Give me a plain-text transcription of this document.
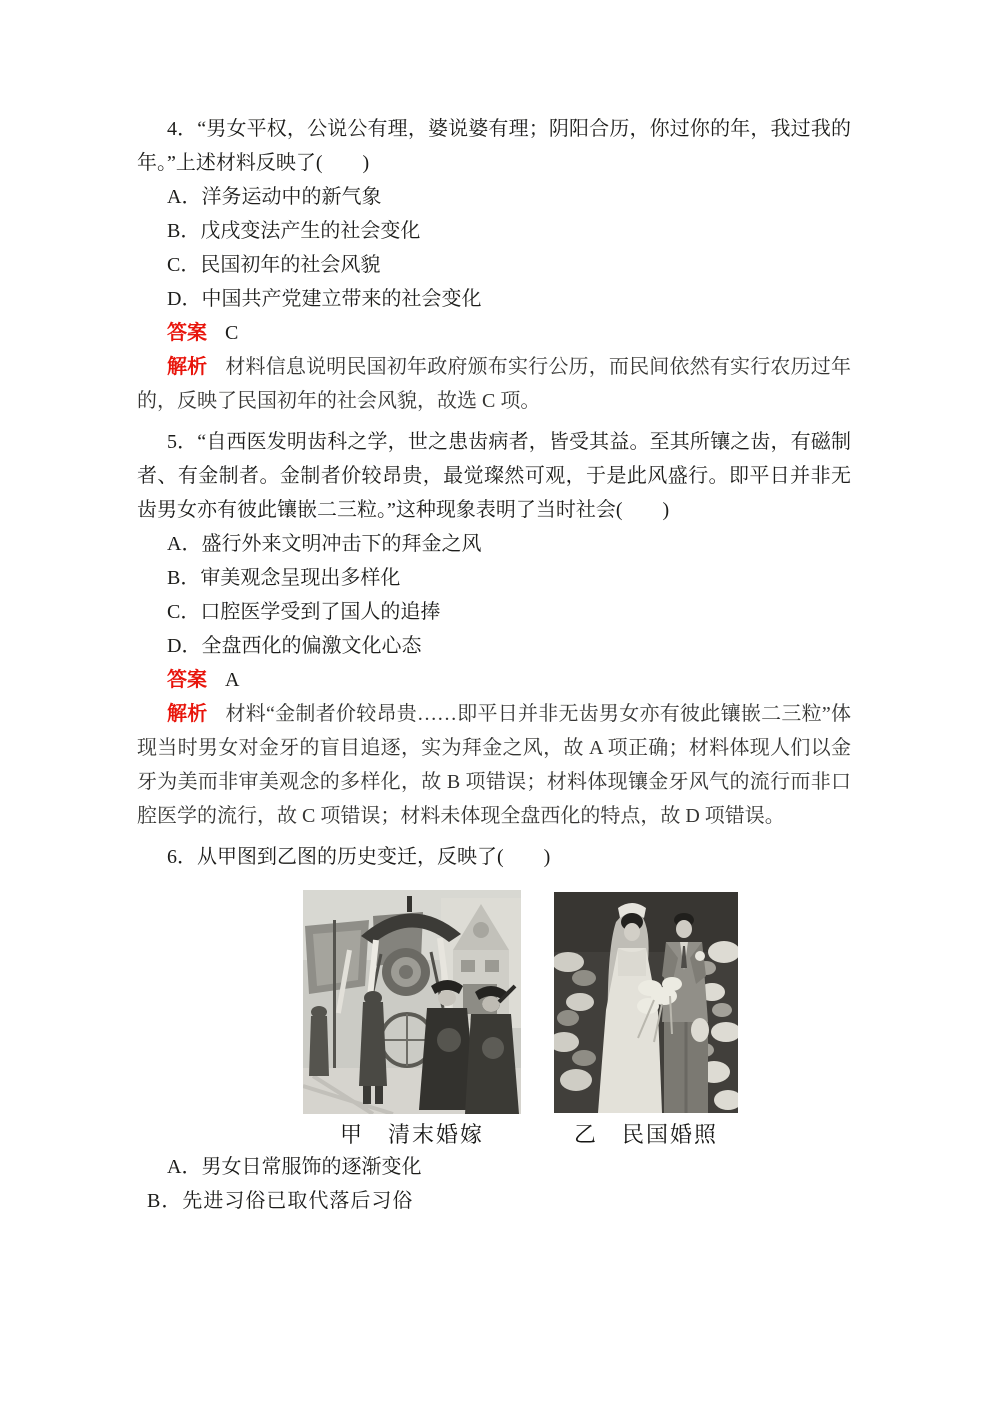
4．“男女平权，公说公有理，婆说婆有理；阴阳合历，你过你的年，我过我的年。”上述材料反映了(　　)

A．洋务运动中的新气象

B．戊戌变法产生的社会变化

C．民国初年的社会风貌

D．中国共产党建立带来的社会变化

答案 C

解析 材料信息说明民国初年政府颁布实行公历，而民间依然有实行农历过年的，反映了民国初年的社会风貌，故选 C 项。

5．“自西医发明齿科之学，世之患齿病者，皆受其益。至其所镶之齿，有磁制者、有金制者。金制者价较昂贵，最觉璨然可观，于是此风盛行。即平日并非无齿男女亦有彼此镶嵌二三粒。”这种现象表明了当时社会(　　)

A．盛行外来文明冲击下的拜金之风

B．审美观念呈现出多样化

C．口腔医学受到了国人的追捧

D．全盘西化的偏激文化心态

答案 A

解析 材料“金制者价较昂贵……即平日并非无齿男女亦有彼此镶嵌二三粒”体现当时男女对金牙的盲目追逐，实为拜金之风，故 A 项正确；材料体现人们以金牙为美而非审美观念的多样化，故 B 项错误；材料体现镶金牙风气的流行而非口腔医学的流行，故 C 项错误；材料未体现全盘西化的特点，故 D 项错误。

6．从甲图到乙图的历史变迁，反映了(　　)

甲　清末婚嫁	乙　民国婚照

A．男女日常服饰的逐渐变化

B．先进习俗已取代落后习俗
